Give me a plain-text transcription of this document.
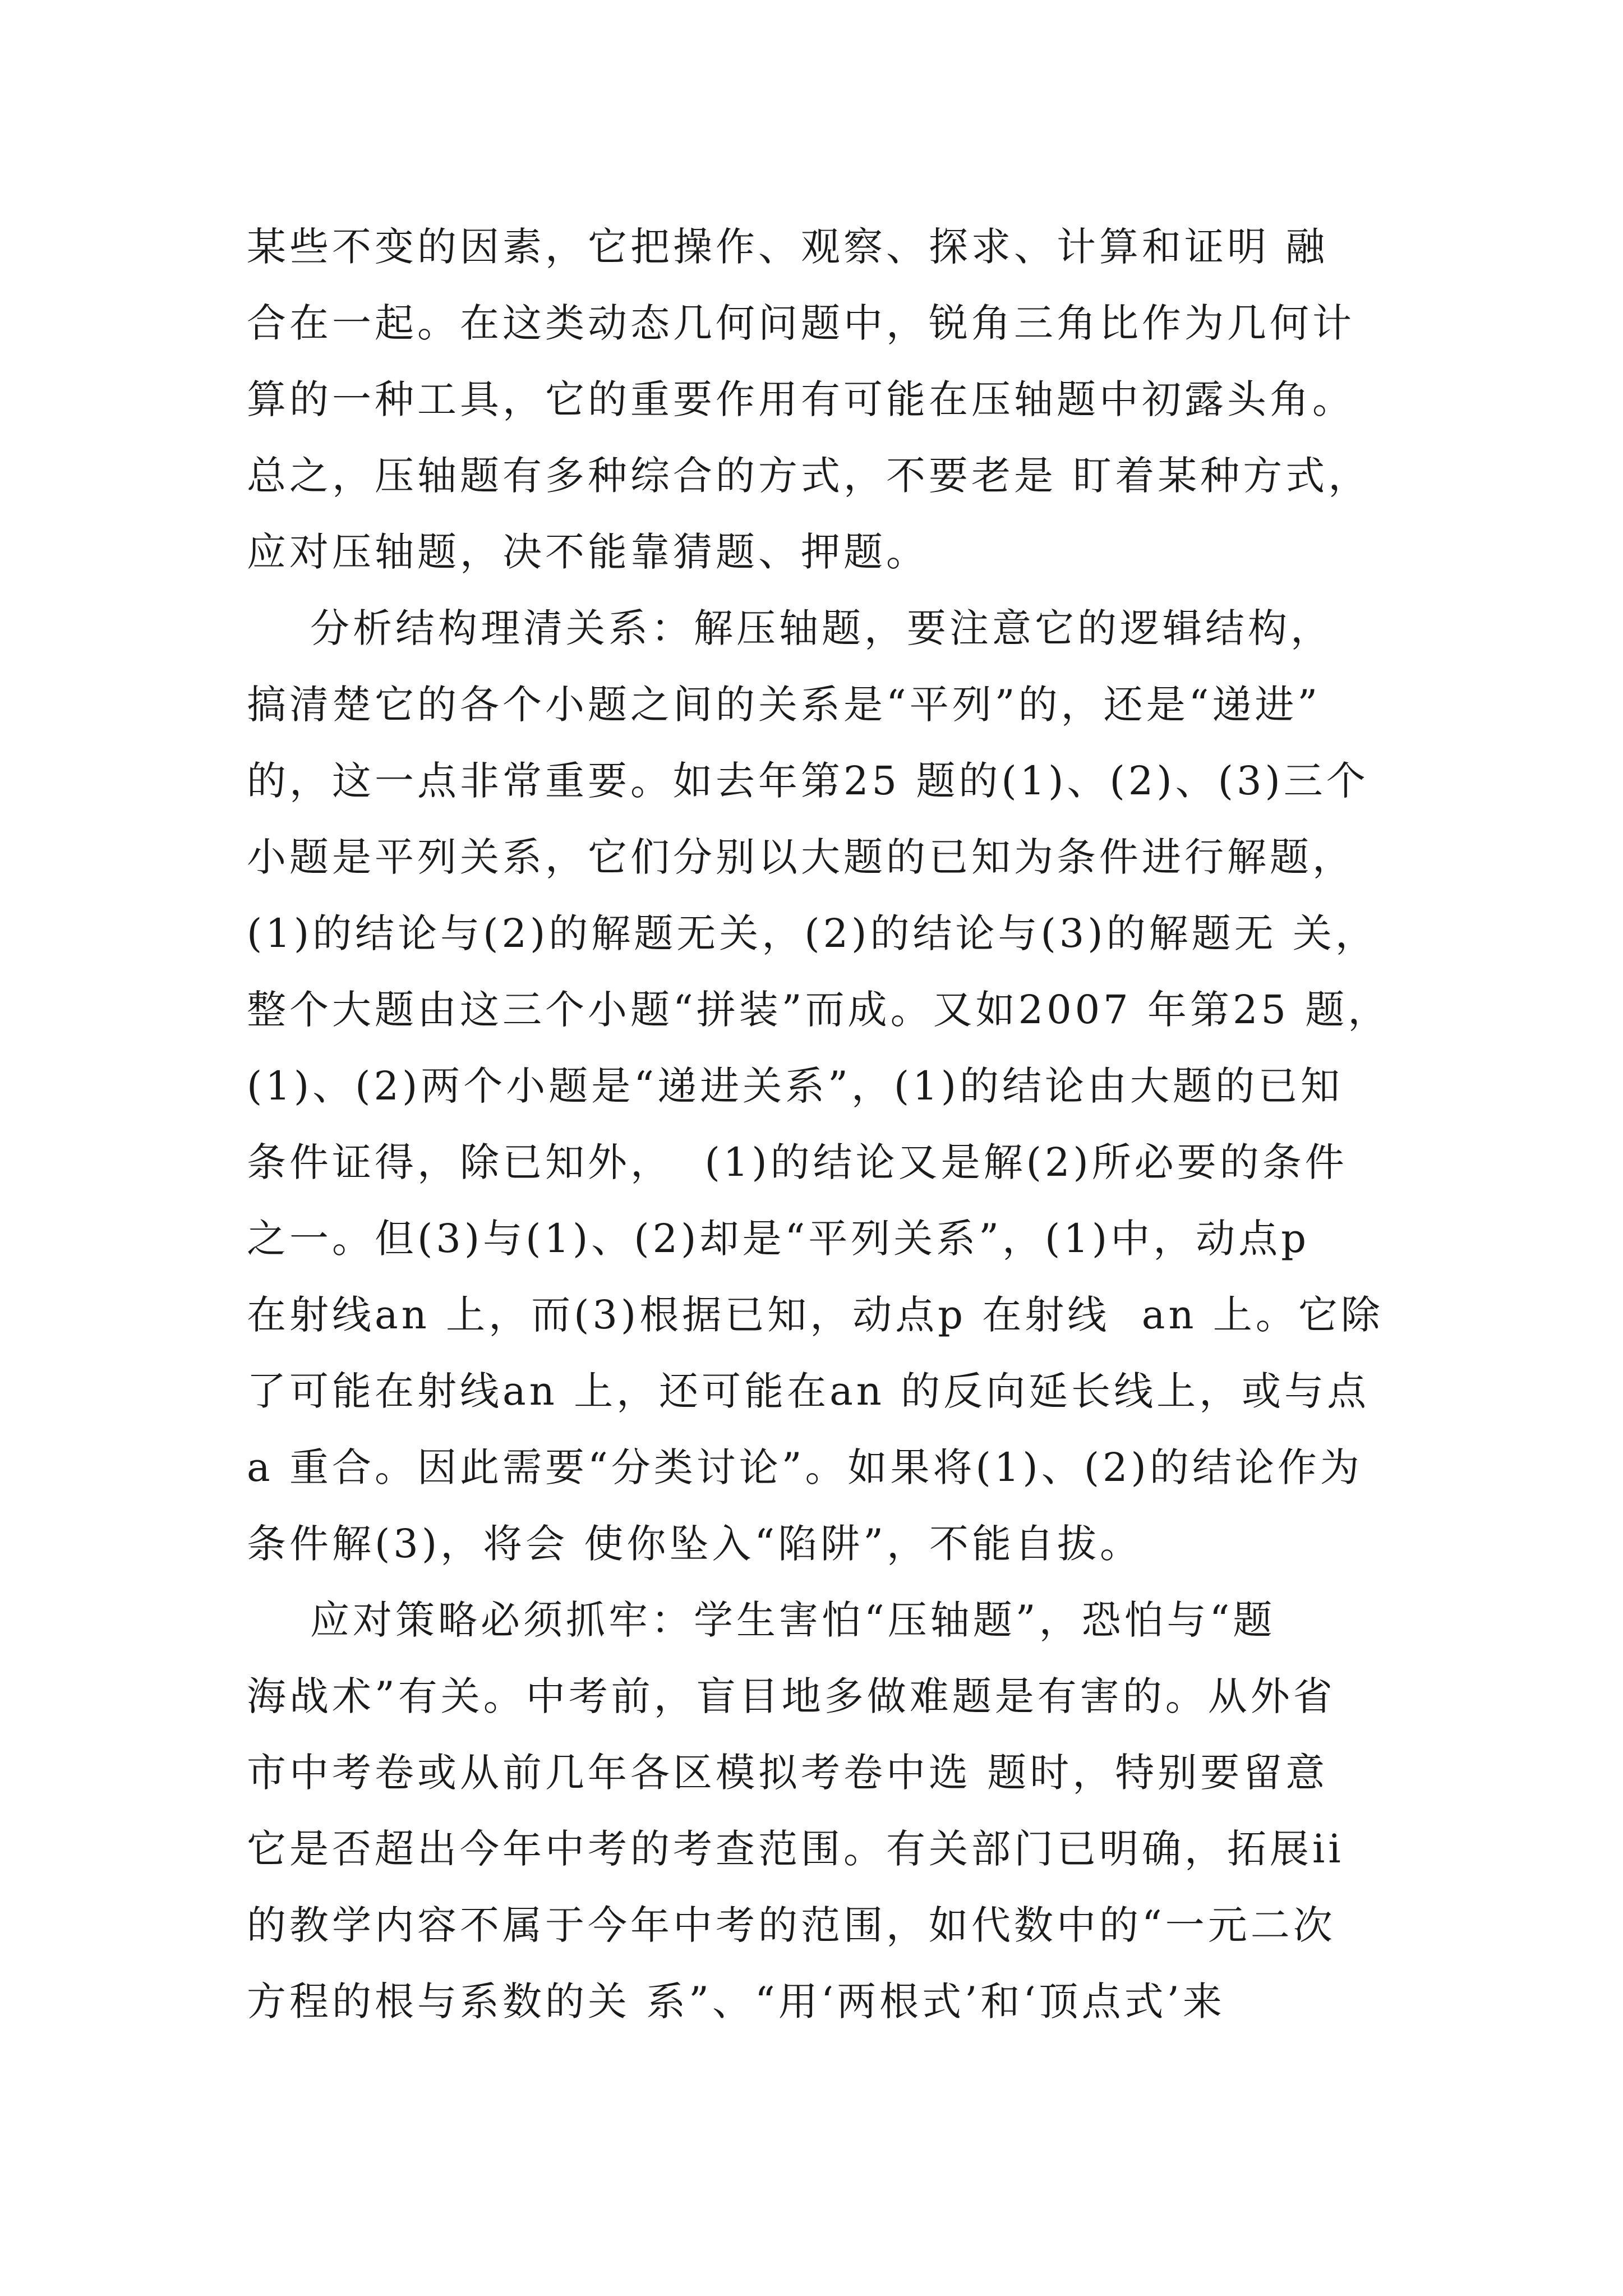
某些不变的因素，它把操作、观察、探求、计算和证明 融
合在一起。在这类动态几何问题中，锐角三角比作为几何计
算的一种工具，它的重要作用有可能在压轴题中初露头角。
总之，压轴题有多种综合的方式，不要老是 盯着某种方式，
应对压轴题，决不能靠猜题、押题。
分析结构理清关系：解压轴题，要注意它的逻辑结构，
搞清楚它的各个小题之间的关系是“平列”的，还是“递进”
的，这一点非常重要。如去年第25 题的(1)、(2)、(3)三个
小题是平列关系，它们分别以大题的已知为条件进行解题，
(1)的结论与(2)的解题无关，(2)的结论与(3)的解题无 关，
整个大题由这三个小题“拼装”而成。又如2007 年第25 题，
(1)、(2)两个小题是“递进关系”，(1)的结论由大题的已知
条件证得，除已知外，  (1)的结论又是解(2)所必要的条件
之一。但(3)与(1)、(2)却是“平列关系”，(1)中，动点p
在射线an 上，而(3)根据已知，动点p 在射线  an 上。它除
了可能在射线an 上，还可能在an 的反向延长线上，或与点
a 重合。因此需要“分类讨论”。如果将(1)、(2)的结论作为
条件解(3)，将会 使你坠入“陷阱”，不能自拔。
应对策略必须抓牢：学生害怕“压轴题”，恐怕与“题
海战术”有关。中考前，盲目地多做难题是有害的。从外省
市中考卷或从前几年各区模拟考卷中选 题时，特别要留意
它是否超出今年中考的考查范围。有关部门已明确，拓展ii
的教学内容不属于今年中考的范围，如代数中的“一元二次
方程的根与系数的关 系”、“用‘两根式’和‘顶点式’来
